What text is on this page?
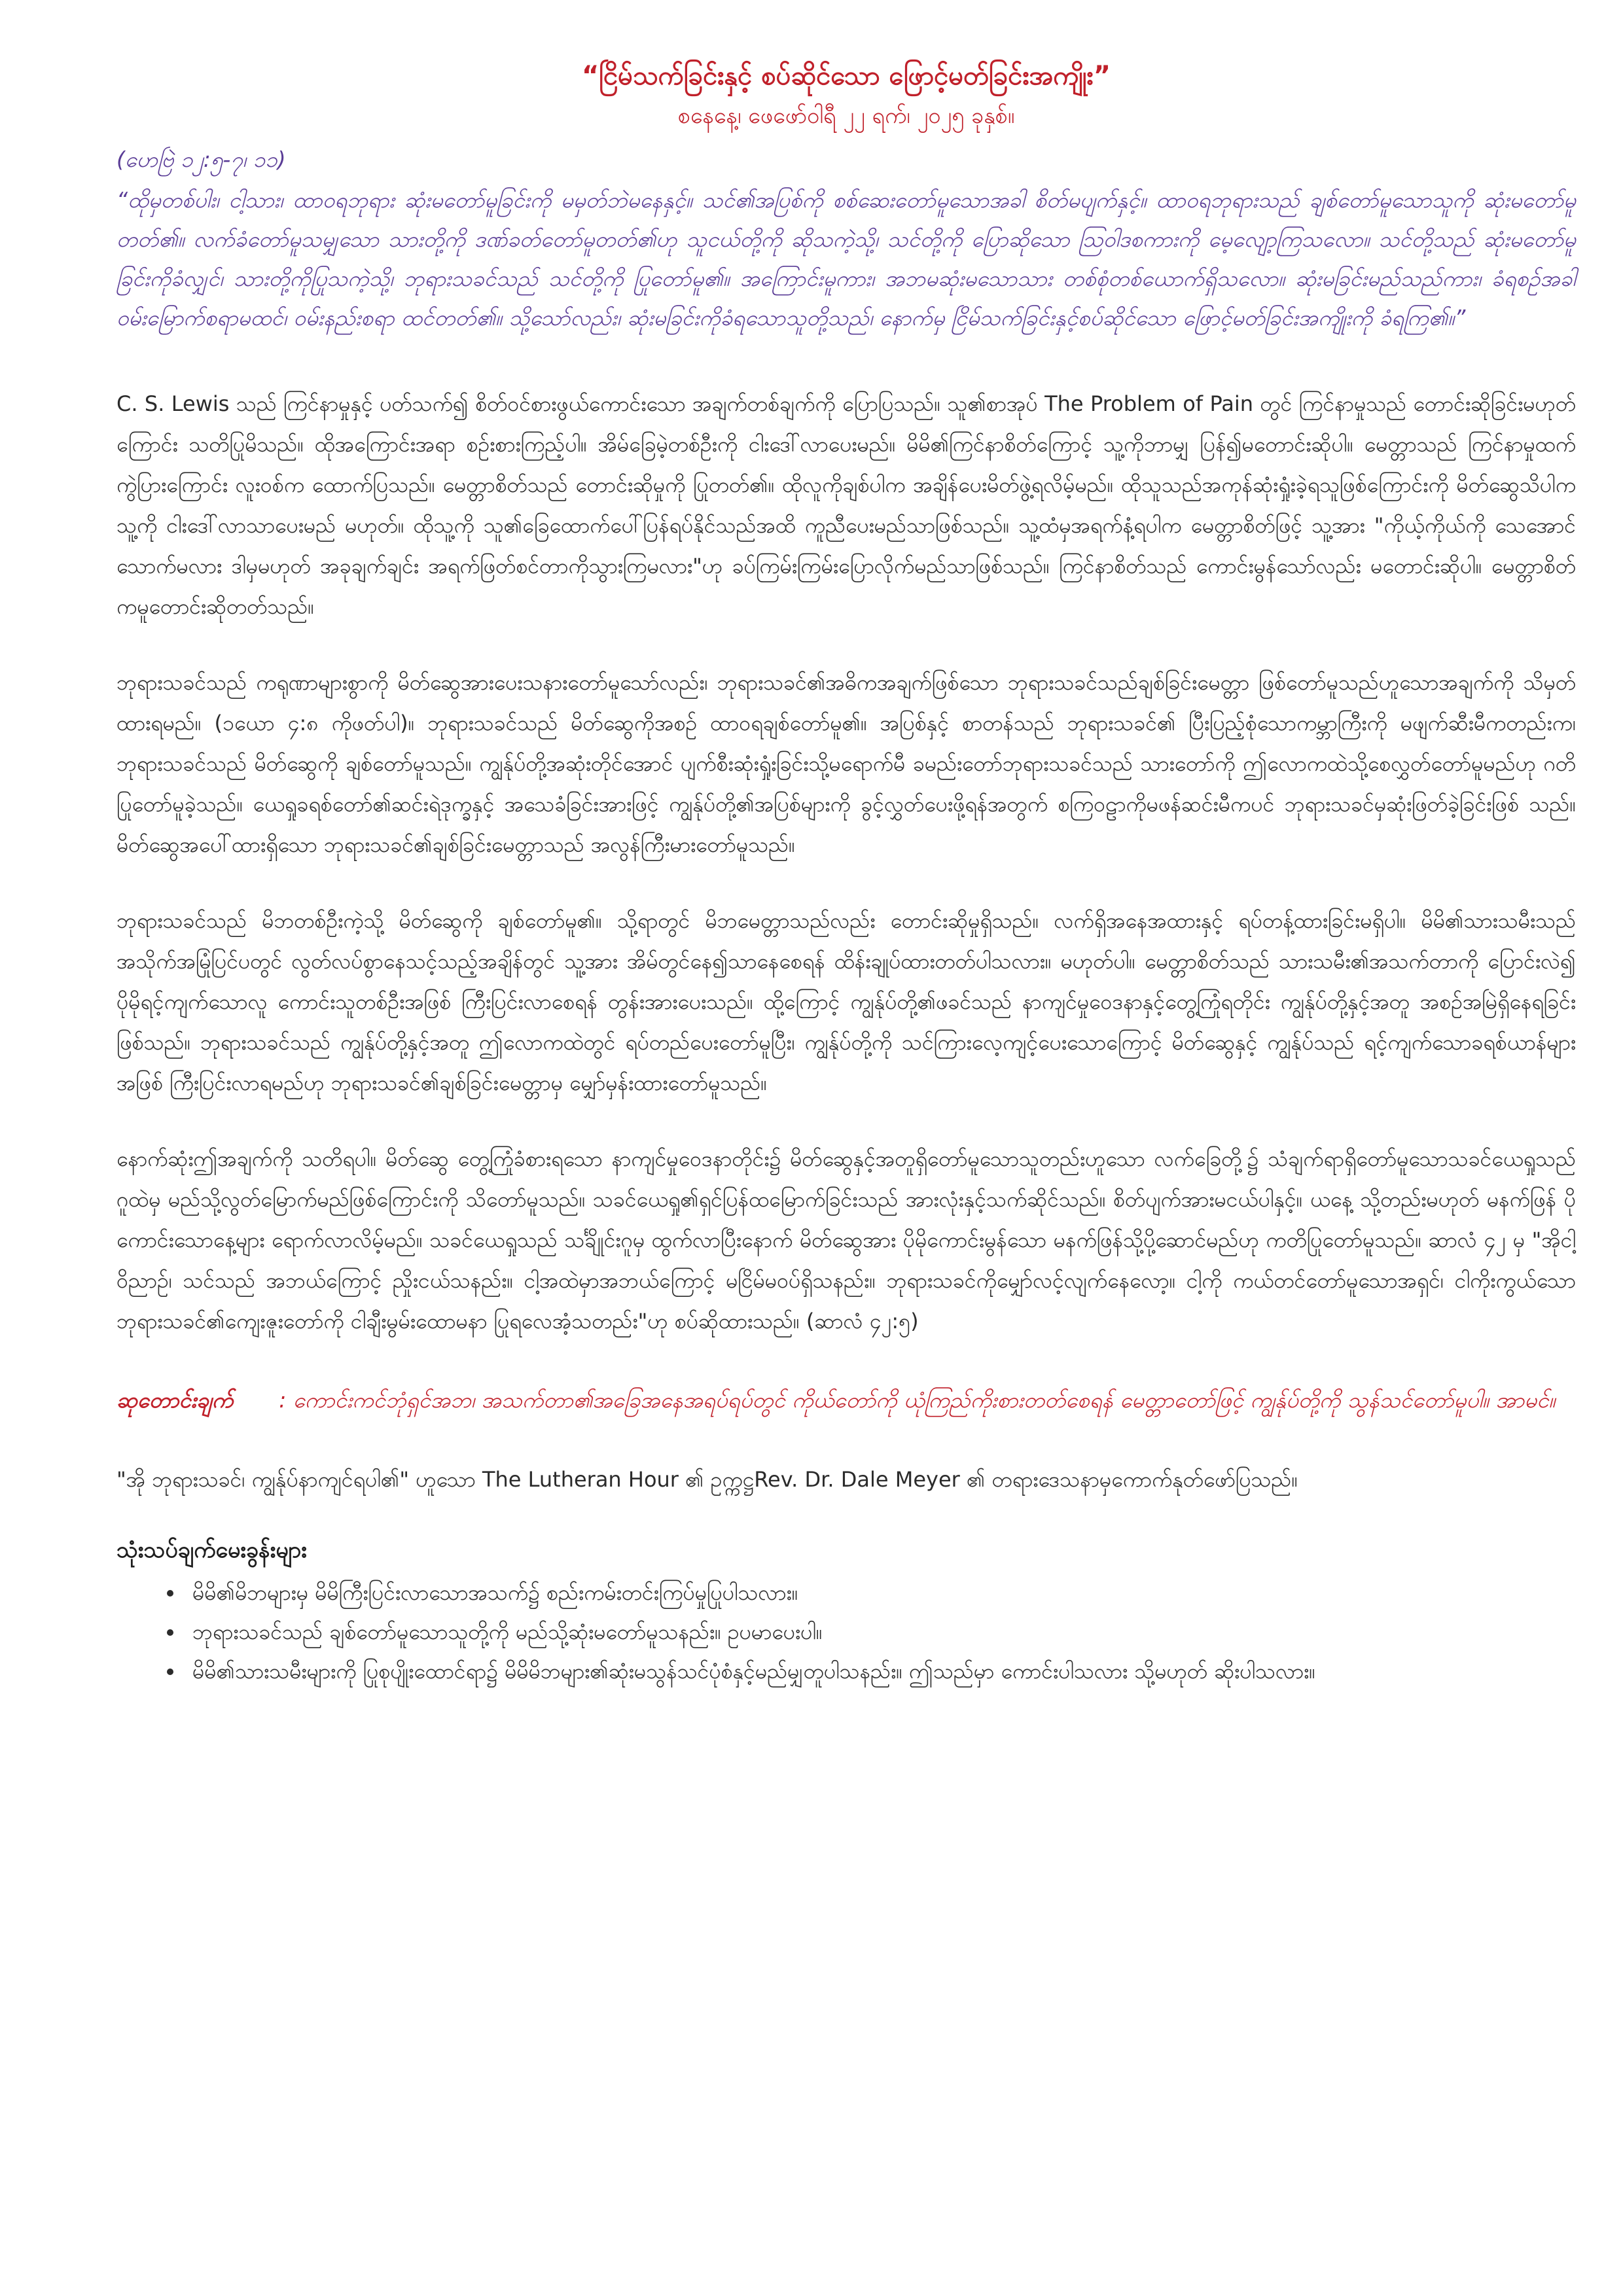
“ငြိမ်သက်ခြင်းနှင့် စပ်ဆိုင်သော ဖြောင့်မတ်ခြင်းအကျိုး”
စနေနေ့၊ ဖေဖော်ဝါရီ ၂၂ ရက်၊ ၂၀၂၅ ခုနှစ်။
(ဟေဗြဲ ၁၂:၅-၇၊ ၁၁)
“ထိုမှတစ်ပါး၊ ငါ့သား၊ ထာဝရဘုရား ဆုံးမတော်မူခြင်းကို မမှတ်ဘဲမနေနှင့်။ သင်၏အပြစ်ကို စစ်ဆေးတော်မူသောအခါ စိတ်မပျက်နှင့်။ ထာဝရဘုရားသည် ချစ်တော်မူသောသူကို ဆုံးမတော်မူတတ်၏။ လက်ခံတော်မူသမျှသော သားတို့ကို ဒဏ်ခတ်တော်မူတတ်၏ဟု သူငယ်တို့ကို ဆိုသကဲ့သို့၊ သင်တို့ကို ပြောဆိုသော ဩဝါဒစကားကို မေ့လျော့ကြသလော။ သင်တို့သည် ဆုံးမတော်မူခြင်းကိုခံလျှင်၊ သားတို့ကိုပြုသကဲ့သို့၊ ဘုရားသခင်သည် သင်တို့ကို ပြုတော်မူ၏။ အကြောင်းမူကား၊ အဘမဆုံးမသောသား တစ်စုံတစ်ယောက်ရှိသလော။ ဆုံးမခြင်းမည်သည်ကား၊ ခံရစဉ်အခါ ဝမ်းမြောက်စရာမထင်၊ ဝမ်းနည်းစရာ ထင်တတ်၏။ သို့သော်လည်း၊ ဆုံးမခြင်းကိုခံရသောသူတို့သည်၊ နောက်မှ ငြိမ်သက်ခြင်းနှင့်စပ်ဆိုင်သော ဖြောင့်မတ်ခြင်းအကျိုးကို ခံရကြ၏။”
C. S. Lewis သည် ကြင်နာမှုနှင့် ပတ်သက်၍ စိတ်ဝင်စားဖွယ်ကောင်းသော အချက်တစ်ချက်ကို ပြောပြသည်။ သူ၏စာအုပ် The Problem of Pain တွင် ကြင်နာမှုသည် တောင်းဆိုခြင်းမဟုတ်ကြောင်း သတိပြုမိသည်။ ထိုအကြောင်းအရာ စဉ်းစားကြည့်ပါ။ အိမ်ခြေမဲ့တစ်ဦးကို ငါးဒေါ်လာပေးမည်။ မိမိ၏ကြင်နာစိတ်ကြောင့် သူ့ကိုဘာမျှ ပြန်၍မတောင်းဆိုပါ။ မေတ္တာသည် ကြင်နာမှုထက် ကွဲပြားကြောင်း လူးဝစ်က ထောက်ပြသည်။ မေတ္တာစိတ်သည် တောင်းဆိုမှုကို ပြုတတ်၏။ ထိုလူကိုချစ်ပါက အချိန်ပေးမိတ်ဖွဲ့ရလိမ့်မည်။ ထိုသူသည်အကုန်ဆုံးရှုံးခဲ့ရသူဖြစ်ကြောင်းကို မိတ်ဆွေသိပါက သူ့ကို ငါးဒေါ်လာသာပေးမည် မဟုတ်။ ထိုသူ့ကို သူ၏ခြေထောက်ပေါ်ပြန်ရပ်နိုင်သည်အထိ ကူညီပေးမည်သာဖြစ်သည်။ သူ့ထံမှအရက်နံ့ရပါက မေတ္တာစိတ်ဖြင့် သူ့အား "ကိုယ့်ကိုယ်ကို သေအောင်သောက်မလား ဒါမှမဟုတ် အခုချက်ချင်း အရက်ဖြတ်စင်တာကိုသွားကြမလား"ဟု ခပ်ကြမ်းကြမ်းပြောလိုက်မည်သာဖြစ်သည်။ ကြင်နာစိတ်သည် ကောင်းမွန်သော်လည်း မတောင်းဆိုပါ။ မေတ္တာစိတ်ကမူတောင်းဆိုတတ်သည်။
ဘုရားသခင်သည် ကရုဏာများစွာကို မိတ်ဆွေအားပေးသနားတော်မူသော်လည်း၊ ဘုရားသခင်၏အဓိကအချက်ဖြစ်သော ဘုရားသခင်သည်ချစ်ခြင်းမေတ္တာ ဖြစ်တော်မူသည်ဟူသောအချက်ကို သိမှတ်ထားရမည်။ (၁ယော ၄:၈ ကိုဖတ်ပါ)။ ဘုရားသခင်သည် မိတ်ဆွေကိုအစဉ် ထာဝရချစ်တော်မူ၏။ အပြစ်နှင့် စာတန်သည် ဘုရားသခင်၏ ပြီးပြည့်စုံသောကမ္ဘာကြီးကို မဖျက်ဆီးမီကတည်းက၊ ဘုရားသခင်သည် မိတ်ဆွေကို ချစ်တော်မူသည်။ ကျွန်ုပ်တို့အဆုံးတိုင်အောင် ပျက်စီးဆုံးရှုံးခြင်းသို့မရောက်မီ ခမည်းတော်ဘုရားသခင်သည် သားတော်ကို ဤလောကထဲသို့စေလွှတ်တော်မူမည်ဟု ဂတိပြုတော်မူခဲ့သည်။ ယေရှုခရစ်တော်၏ဆင်းရဲဒုက္ခနှင့် အသေခံခြင်းအားဖြင့် ကျွန်ုပ်တို့၏အပြစ်များကို ခွင့်လွှတ်ပေးဖို့ရန်အတွက် စကြဝဠာကိုမဖန်ဆင်းမီကပင် ဘုရားသခင်မှဆုံးဖြတ်ခဲ့ခြင်းဖြစ် သည်။ မိတ်ဆွေအပေါ်ထားရှိသော ဘုရားသခင်၏ချစ်ခြင်းမေတ္တာသည် အလွန်ကြီးမားတော်မူသည်။
ဘုရားသခင်သည် မိဘတစ်ဦးကဲ့သို့ မိတ်ဆွေကို ချစ်တော်မူ၏။ သို့ရာတွင် မိဘမေတ္တာသည်လည်း တောင်းဆိုမှုရှိသည်။ လက်ရှိအနေအထားနှင့် ရပ်တန့်ထားခြင်းမရှိပါ။ မိမိ၏သားသမီးသည် အသိုက်အမြုံပြင်ပတွင် လွတ်လပ်စွာနေသင့်သည့်အချိန်တွင် သူ့အား အိမ်တွင်နေ၍သာနေစေရန် ထိန်းချုပ်ထားတတ်ပါသလား။ မဟုတ်ပါ။ မေတ္တာစိတ်သည် သားသမီး၏အသက်တာကို ပြောင်းလဲ၍ ပိုမိုရင့်ကျက်သောလူ ကောင်းသူတစ်ဦးအဖြစ် ကြီးပြင်းလာစေရန် တွန်းအားပေးသည်။ ထို့ကြောင့် ကျွန်ုပ်တို့၏ဖခင်သည် နာကျင်မှုဝေဒနာနှင့်တွေ့ကြုံရတိုင်း ကျွန်ုပ်တို့နှင့်အတူ အစဉ်အမြဲရှိနေရခြင်းဖြစ်သည်။ ဘုရားသခင်သည် ကျွန်ုပ်တို့နှင့်အတူ ဤလောကထဲတွင် ရပ်တည်ပေးတော်မူပြီး၊ ကျွန်ုပ်တို့ကို သင်ကြားလေ့ကျင့်ပေးသောကြောင့် မိတ်ဆွေနှင့် ကျွန်ုပ်သည် ရင့်ကျက်သောခရစ်ယာန်များအဖြစ် ကြီးပြင်းလာရမည်ဟု ဘုရားသခင်၏ချစ်ခြင်းမေတ္တာမှ မျှော်မှန်းထားတော်မူသည်။
နောက်ဆုံးဤအချက်ကို သတိရပါ။ မိတ်ဆွေ တွေ့ကြုံခံစားရသော နာကျင်မှုဝေဒနာတိုင်း၌ မိတ်ဆွေနှင့်အတူရှိတော်မူသောသူတည်းဟူသော လက်ခြေတို့၌ သံချက်ရာရှိတော်မူသောသခင်ယေရှုသည် ဂူထဲမှ မည်သို့လွတ်မြောက်မည်ဖြစ်ကြောင်းကို သိတော်မူသည်။ သခင်ယေရှု၏ရှင်ပြန်ထမြောက်ခြင်းသည် အားလုံးနှင့်သက်ဆိုင်သည်။ စိတ်ပျက်အားမငယ်ပါနှင့်။ ယနေ့ သို့တည်းမဟုတ် မနက်ဖြန် ပိုကောင်းသောနေ့များ ရောက်လာလိမ့်မည်။ သခင်ယေရှုသည် သင်္ချိုင်းဂူမှ ထွက်လာပြီးနောက် မိတ်ဆွေအား ပိုမိုကောင်းမွန်သော မနက်ဖြန်သို့ပို့ဆောင်မည်ဟု ကတိပြုတော်မူသည်။ ဆာလံ ၄၂ မှ "အိုငါ့ဝိညာဉ်၊ သင်သည် အဘယ်ကြောင့် ညှိုးငယ်သနည်း။ ငါ့အထဲမှာအဘယ်ကြောင့် မငြိမ်မဝပ်ရှိသနည်း။ ဘုရားသခင်ကိုမျှော်လင့်လျက်နေလော့။ ငါ့ကို ကယ်တင်တော်မူသောအရှင်၊ ငါကိုးကွယ်သော ဘုရားသခင်၏ကျေးဇူးတော်ကို ငါချီးမွမ်းထောမနာ ပြုရလေအံ့သတည်း"ဟု စပ်ဆိုထားသည်။ (ဆာလံ ၄၂:၅)
ဆုတောင်းချက် : ကောင်းကင်ဘုံရှင်အဘ၊ အသက်တာ၏အခြေအနေအရပ်ရပ်တွင် ကိုယ်တော်ကို ယုံကြည်ကိုးစားတတ်စေရန် မေတ္တာတော်ဖြင့် ကျွန်ုပ်တို့ကို သွန်သင်တော်မူပါ။ အာမင်။
"အို ဘုရားသခင်၊ ကျွန်ုပ်နာကျင်ရပါ၏" ဟူသော The Lutheran Hour ၏ ဥက္ကဋ္ဌRev. Dr. Dale Meyer ၏ တရားဒေသနာမှကောက်နုတ်ဖော်ပြသည်။
သုံးသပ်ချက်မေးခွန်းများ
• မိမိ၏မိဘများမှ မိမိကြီးပြင်းလာသောအသက်၌ စည်းကမ်းတင်းကြပ်မှုပြုပါသလား။
• ဘုရားသခင်သည် ချစ်တော်မူသောသူတို့ကို မည်သို့ဆုံးမတော်မူသနည်း။ ဥပမာပေးပါ။
• မိမိ၏သားသမီးများကို ပြုစုပျိုးထောင်ရာ၌ မိမိမိဘများ၏ဆုံးမသွန်သင်ပုံစံနှင့်မည်မျှတူပါသနည်း။ ဤသည်မှာ ကောင်းပါသလား သို့မဟုတ် ဆိုးပါသလား။
